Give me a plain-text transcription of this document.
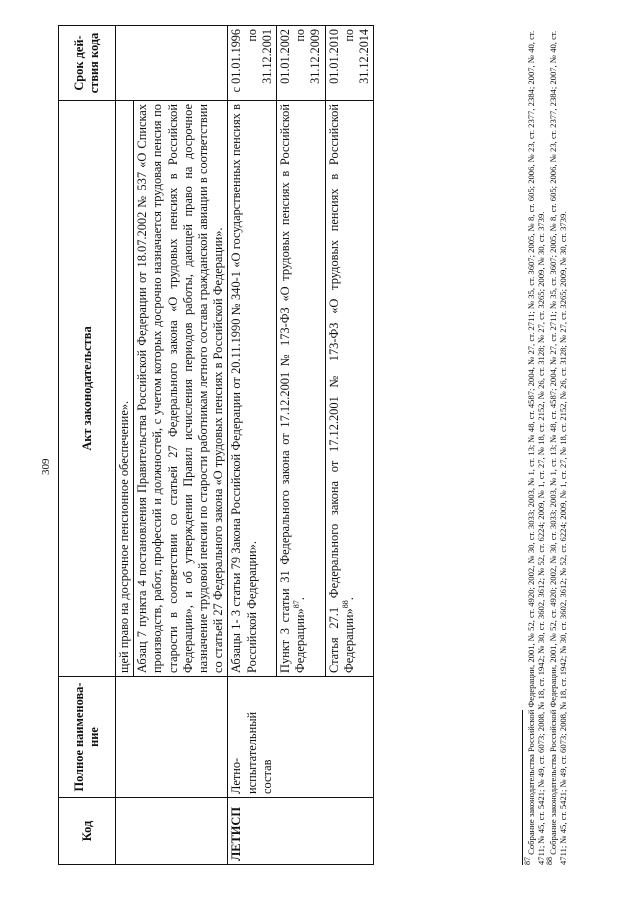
309
Код	Полное наименова-ние	Акт законодательства	Срок дей-ствия кода
		щей право на досрочное пенсионное обеспечение».	
		Абзац 7 пункта 4 постановления Правительства Российской Федерации от 18.07.2002 № 537 «О Списках производств, работ, профессий и должностей, с учетом которых досрочно назначается трудовая пенсия по старости в соответствии со статьей 27 Федерального закона «О трудовых пенсиях в Российской Федерации», и об утверждении Правил исчисления периодов работы, дающей право на досрочное назначение трудовой пенсии по старости работникам летного состава гражданской авиации в соответствии со статьей 27 Федерального закона «О трудовых пенсиях в Российской Федерации».	
ЛЕТИСП	Летно-испытательный состав	Абзацы 1- 3 статьи 79 Закона Российской Федерации от 20.11.1990 № 340-1 «О государственных пенсиях в Российской Федерации».	с 01.01.1996 по 31.12.2001
		Пункт 3 статьи 31 Федерального закона от 17.12.2001 № 173-ФЗ «О трудовых пенсиях в Российской Федерации»$^{87}$.	01.01.2002 по 31.12.2009
		Статья 27.1 Федерального закона от 17.12.2001 № 173-ФЗ «О трудовых пенсиях в Российской Федерации»$^{88}$.	01.01.2010 по 31.12.2014
$^{87}$ Собрание законодательства Российской Федерации, 2001, № 52, ст. 4920; 2002, № 30, ст. 3033; 2003, № 1, ст. 13; № 48, ст. 4587; 2004, № 27, ст. 2711; № 35, ст. 3607; 2005, № 8, ст. 605; 2006, № 23, ст. 2377, 2384; 2007, № 40, ст. 4711; № 45, ст. 5421; № 49, ст. 6073; 2008, № 18, ст. 1942; № 30, ст. 3602, 3612; № 52, ст. 6224; 2009, № 1, ст. 27, № 18, ст. 2152, № 26, ст. 3128; № 27, ст. 3265; 2009, № 30, ст. 3739.
$^{88}$ Собрание законодательства Российской Федерации, 2001, № 52, ст. 4920; 2002, № 30, ст. 3033; 2003, № 1, ст. 13; № 48, ст. 4587; 2004, № 27, ст. 2711; № 35, ст. 3607; 2005, № 8, ст. 605; 2006, № 23, ст. 2377, 2384; 2007, № 40, ст. 4711; № 45, ст. 5421; № 49, ст. 6073; 2008, № 18, ст. 1942; № 30, ст. 3602, 3612; № 52, ст. 6224; 2009, № 1, ст. 27, № 18, ст. 2152, № 26, ст. 3128; № 27, ст. 3265; 2009, № 30, ст. 3739.
